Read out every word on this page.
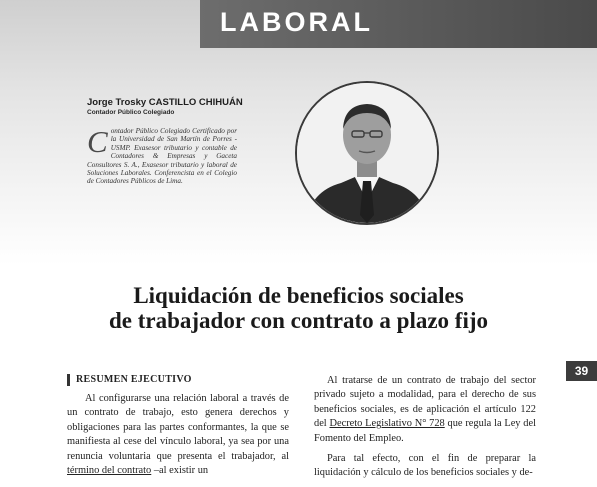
LABORAL
Jorge Trosky CASTILLO CHIHUÁN
Contador Público Colegiado
Contador Público Colegiado Certificado por la Universidad de San Martín de Porres - USMP. Exasesor tributario y contable de Contadores & Empresas y Gaceta Consultores S. A., Exasesor tributario y laboral de Soluciones Laborales. Conferencista en el Colegio de Contadores Públicos de Lima.
Liquidación de beneficios sociales
de trabajador con contrato a plazo fijo
39
RESUMEN EJECUTIVO

Al configurarse una relación laboral a través de un contrato de trabajo, esto genera derechos y obligaciones para las partes conformantes, la que se manifiesta al cese del vínculo laboral, ya sea por una renuncia voluntaria que presenta el trabajador, al término del contrato –al existir un

Al tratarse de un contrato de trabajo del sector privado sujeto a modalidad, para el derecho de sus beneficios sociales, es de aplicación el artículo 122 del Decreto Legislativo N° 728 que regula la Ley del Fomento del Empleo.

Para tal efecto, con el fin de preparar la liquidación y cálculo de los beneficios sociales y de-
